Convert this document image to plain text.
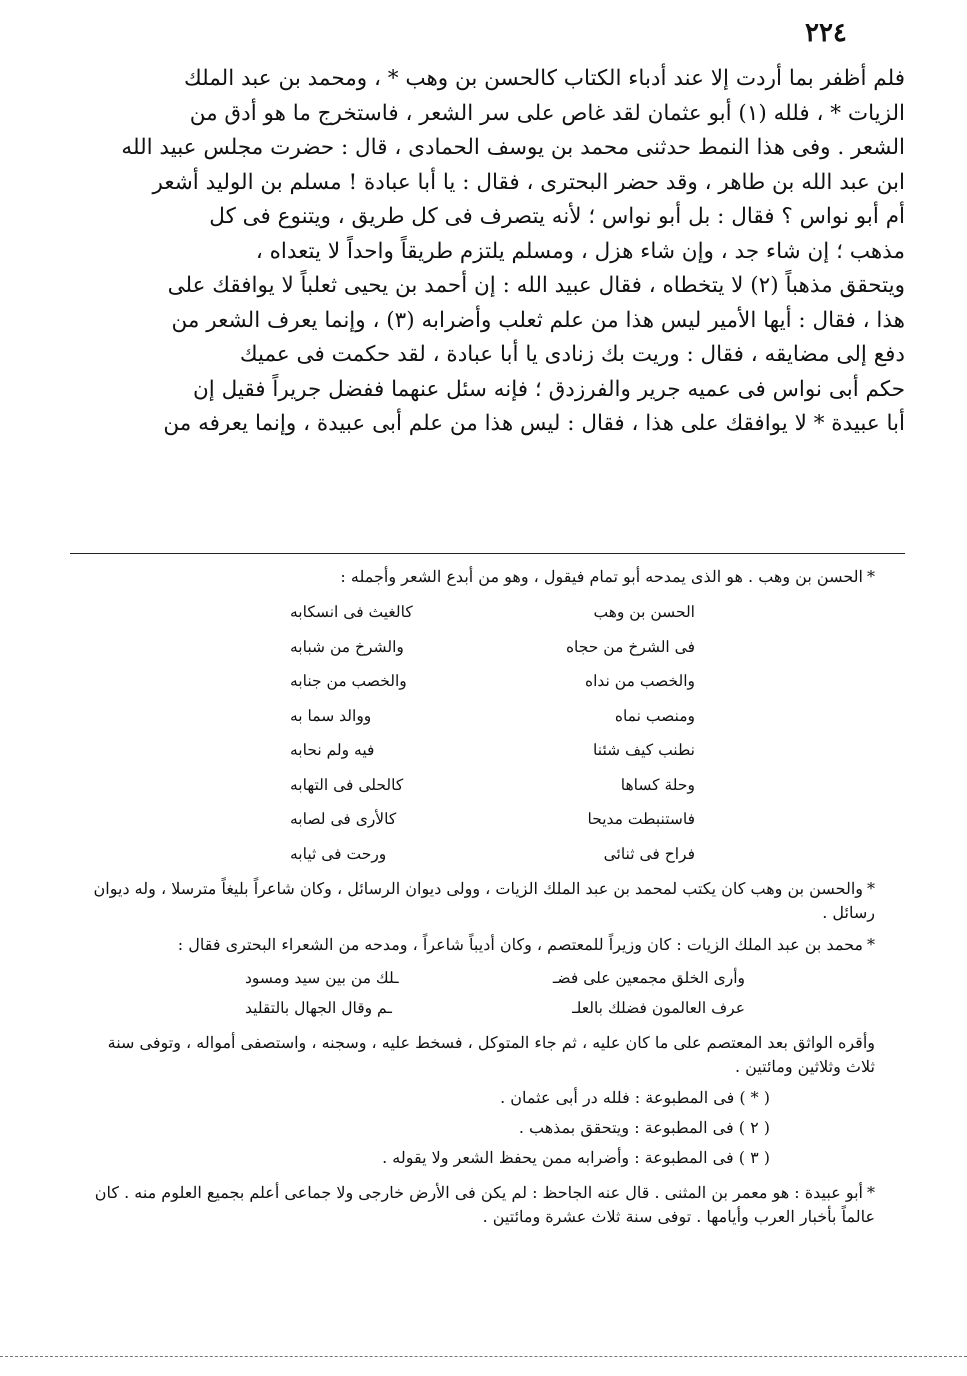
٢٢٤

فلم أظفر بما أردت إلا عند أدباء الكتاب كالحسن بن وهب * ، ومحمد بن عبد الملك

الزيات * ، فلله (١) أبو عثمان لقد غاص على سر الشعر ، فاستخرج ما هو أدق من

الشعر . وفى هذا النمط حدثنى محمد بن يوسف الحمادى ، قال : حضرت مجلس عبيد الله

ابن عبد الله بن طاهر ، وقد حضر البحترى ، فقال : يا أبا عبادة ! مسلم بن الوليد أشعر

أم أبو نواس ؟ فقال : بل أبو نواس ؛ لأنه يتصرف فى كل طريق ، ويتنوع فى كل

مذهب ؛ إن شاء جد ، وإن شاء هزل ، ومسلم يلتزم طريقاً واحداً لا يتعداه ،

ويتحقق مذهباً (٢) لا يتخطاه ، فقال عبيد الله : إن أحمد بن يحيى ثعلباً لا يوافقك على

هذا ، فقال : أيها الأمير ليس هذا من علم ثعلب وأضرابه (٣) ، وإنما يعرف الشعر من

دفع إلى مضايقه ، فقال : وريت بك زنادى يا أبا عبادة ، لقد حكمت فى عميك

حكم أبى نواس فى عميه جرير والفرزدق ؛ فإنه سئل عنهما ففضل جريراً فقيل إن

أبا عبيدة * لا يوافقك على هذا ، فقال : ليس هذا من علم أبى عبيدة ، وإنما يعرفه من

*الحسن بن وهب . هو الذى يمدحه أبو تمام فيقول ، وهو من أبدع الشعر وأجمله :

الحسن بن وهب
كالغيث فى انسكابه
فى الشرخ من حجاه
والشرخ من شبابه
والخصب من نداه
والخصب من جنابه
ومنصب نماه
ووالد سما به
نطنب كيف شئنا
فيه ولم نحابه
وحلة كساها
كالحلى فى التهابه
فاستنبطت مديحا
كالأرى فى لصابه
فراح فى ثنائى
ورحت فى ثيابه

*والحسن بن وهب كان يكتب لمحمد بن عبد الملك الزيات ، وولى ديوان الرسائل ، وكان شاعراً بليغاً مترسلا ، وله ديوان رسائل .

*محمد بن عبد الملك الزيات : كان وزيراً للمعتصم ، وكان أديباً شاعراً ، ومدحه من الشعراء البحترى فقال :

وأرى الخلق مجمعين على فضـ
ـلك من بين سيد ومسود
عرف العالمون فضلك بالعلـ
ـم وقال الجهال بالتقليد

وأقره الواثق بعد المعتصم على ما كان عليه ، ثم جاء المتوكل ، فسخط عليه ، وسجنه ، واستصفى أمواله ، وتوفى سنة ثلاث وثلاثين ومائتين .

( * ) فى المطبوعة : فلله در أبى عثمان .
( ٢ ) فى المطبوعة : ويتحقق بمذهب .
( ٣ ) فى المطبوعة : وأضرابه ممن يحفظ الشعر ولا يقوله .

*أبو عبيدة : هو معمر بن المثنى . قال عنه الجاحظ : لم يكن فى الأرض خارجى ولا جماعى أعلم بجميع العلوم منه . كان عالماً بأخبار العرب وأيامها . توفى سنة ثلاث عشرة ومائتين .
